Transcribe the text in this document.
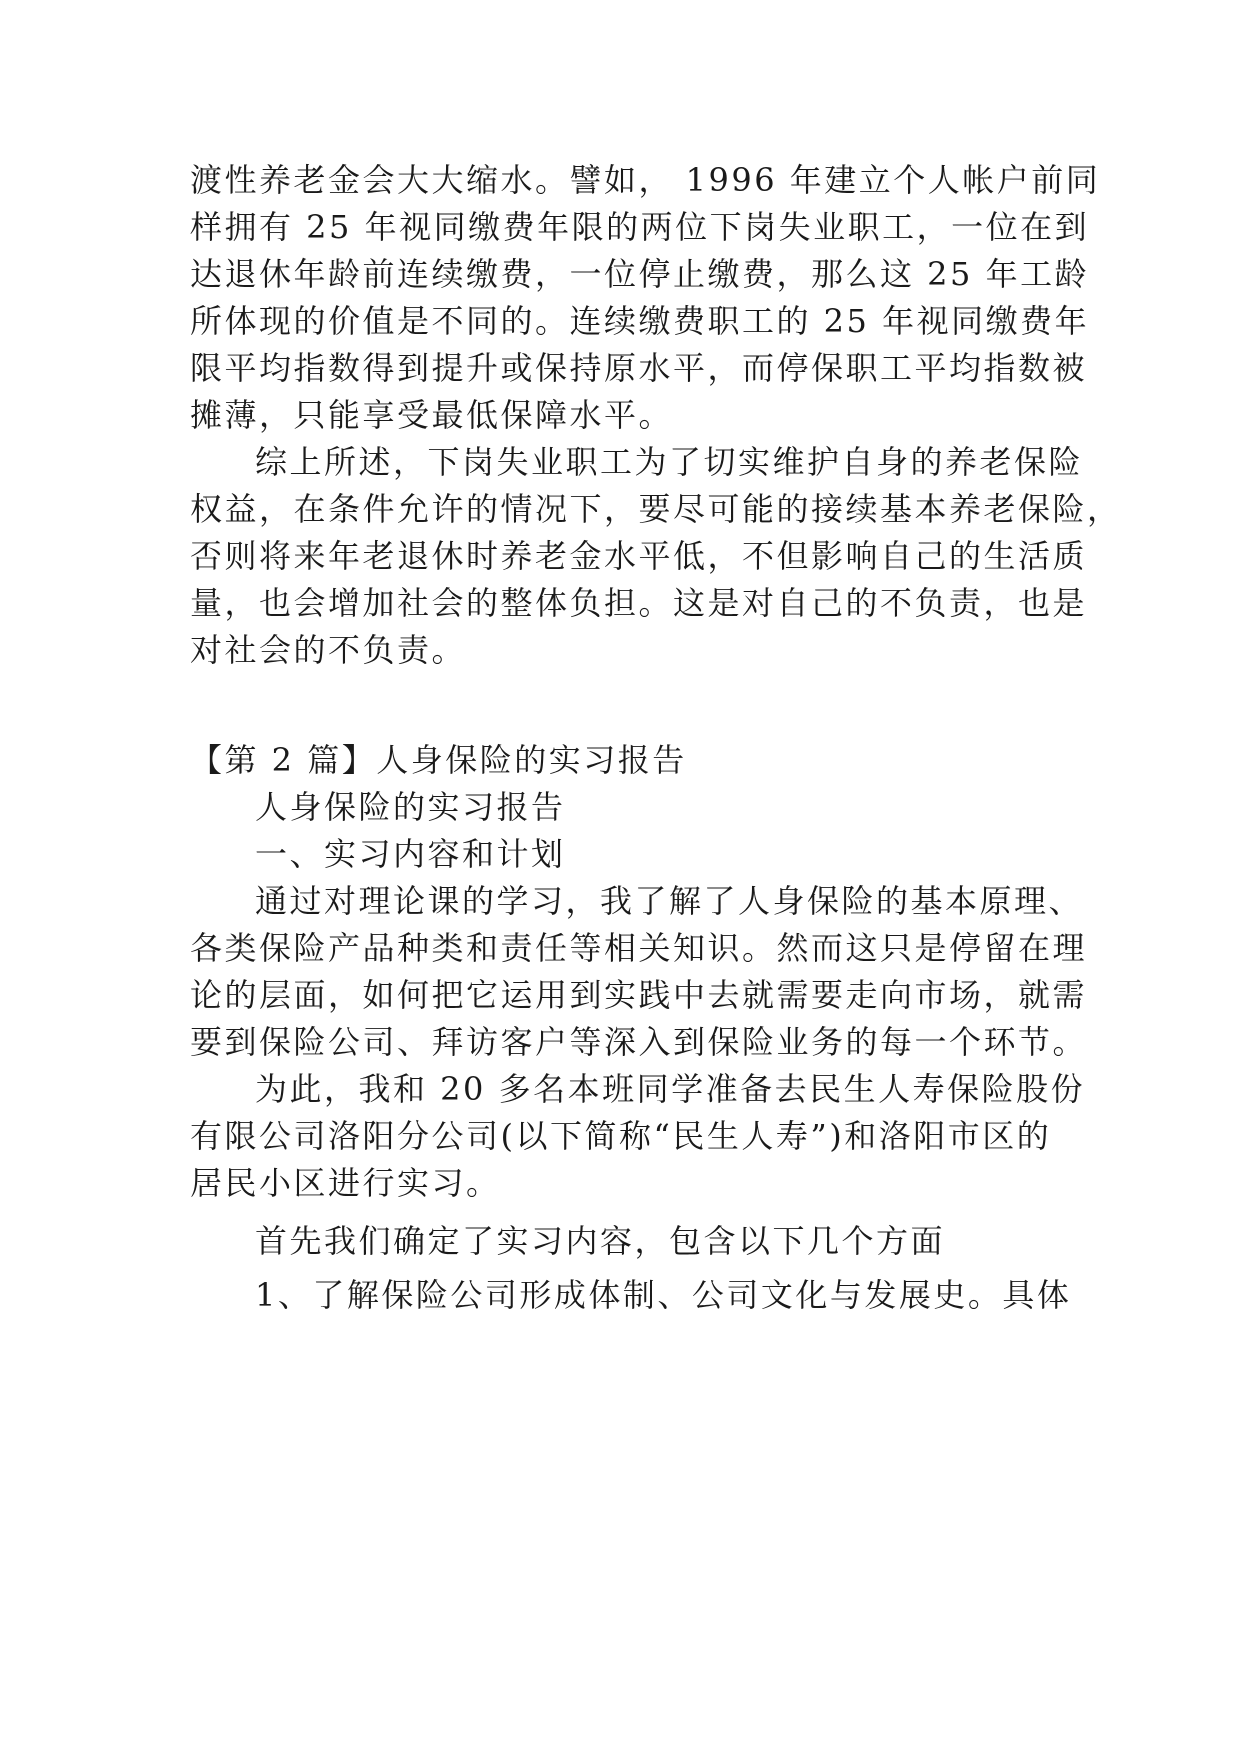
渡性养老金会大大缩水。譬如， 1996 年建立个人帐户前同
样拥有 25 年视同缴费年限的两位下岗失业职工，一位在到
达退休年龄前连续缴费，一位停止缴费，那么这 25 年工龄
所体现的价值是不同的。连续缴费职工的 25 年视同缴费年
限平均指数得到提升或保持原水平，而停保职工平均指数被
摊薄，只能享受最低保障水平。
综上所述，下岗失业职工为了切实维护自身的养老保险
权益，在条件允许的情况下，要尽可能的接续基本养老保险，
否则将来年老退休时养老金水平低，不但影响自己的生活质
量，也会增加社会的整体负担。这是对自己的不负责，也是
对社会的不负责。
【第 2 篇】人身保险的实习报告
人身保险的实习报告
一、实习内容和计划
通过对理论课的学习，我了解了人身保险的基本原理、
各类保险产品种类和责任等相关知识。然而这只是停留在理
论的层面，如何把它运用到实践中去就需要走向市场，就需
要到保险公司、拜访客户等深入到保险业务的每一个环节。
为此，我和 20 多名本班同学准备去民生人寿保险股份
有限公司洛阳分公司(以下简称“民生人寿”)和洛阳市区的
居民小区进行实习。
首先我们确定了实习内容，包含以下几个方面
1、了解保险公司形成体制、公司文化与发展史。具体
